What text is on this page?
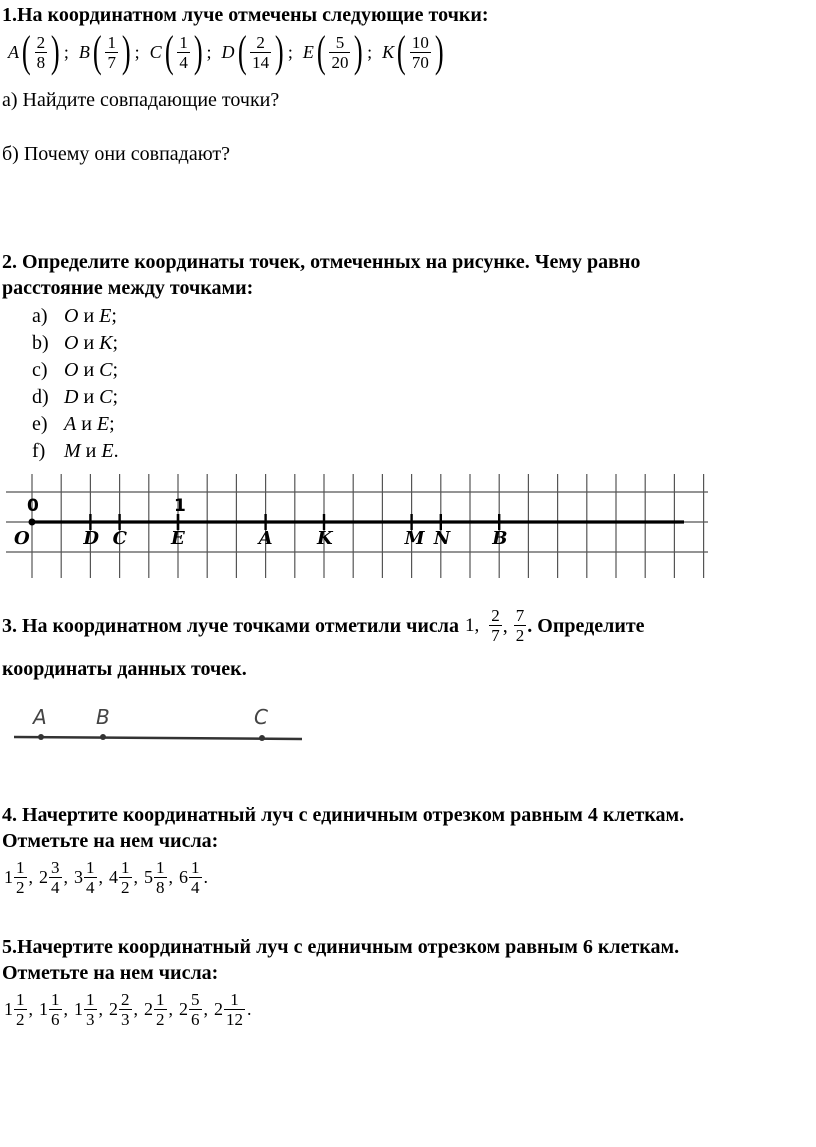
1.На координатном луче отмечены следующие точки:
A ( $\frac{2}{8}$ ) ; B ( $\frac{1}{7}$ ) ; C ( $\frac{1}{4}$ ) ; D ( $\frac{2}{14}$ ) ; E ( $\frac{5}{20}$ ) ; K ( $\frac{10}{70}$ )
а) Найдите совпадающие точки?
б) Почему они совпадают?
2. Определите координаты точек, отмеченных на рисунке. Чему равно
расстояние между точками:
a) O и E;
b) O и K;
c) O и C;
d) D и C;
e) A и E;
f) M и E.
0	1
O	D C E	A K	M N B
3. На координатном луче точками отметили числа 1, $\frac{2}{7}$ , $\frac{7}{2}$ . Определите
координаты данных точек.
A B	C
4. Начертите координатный луч с единичным отрезком равным 4 клеткам.
Отметьте на нем числа:
$1 \frac{1}{2}$ , $2 \frac{3}{4}$ , $3 \frac{1}{4}$ , $4 \frac{1}{2}$ , $5 \frac{1}{8}$ , $6 \frac{1}{4}$ .
5.Начертите координатный луч с единичным отрезком равным 6 клеткам.
Отметьте на нем числа:
$1 \frac{1}{2}$ , $1 \frac{1}{6}$ , $1 \frac{1}{3}$ , $2 \frac{2}{3}$ , $2 \frac{1}{2}$ , $2 \frac{5}{6}$ , $2 \frac{1}{12}$ .
